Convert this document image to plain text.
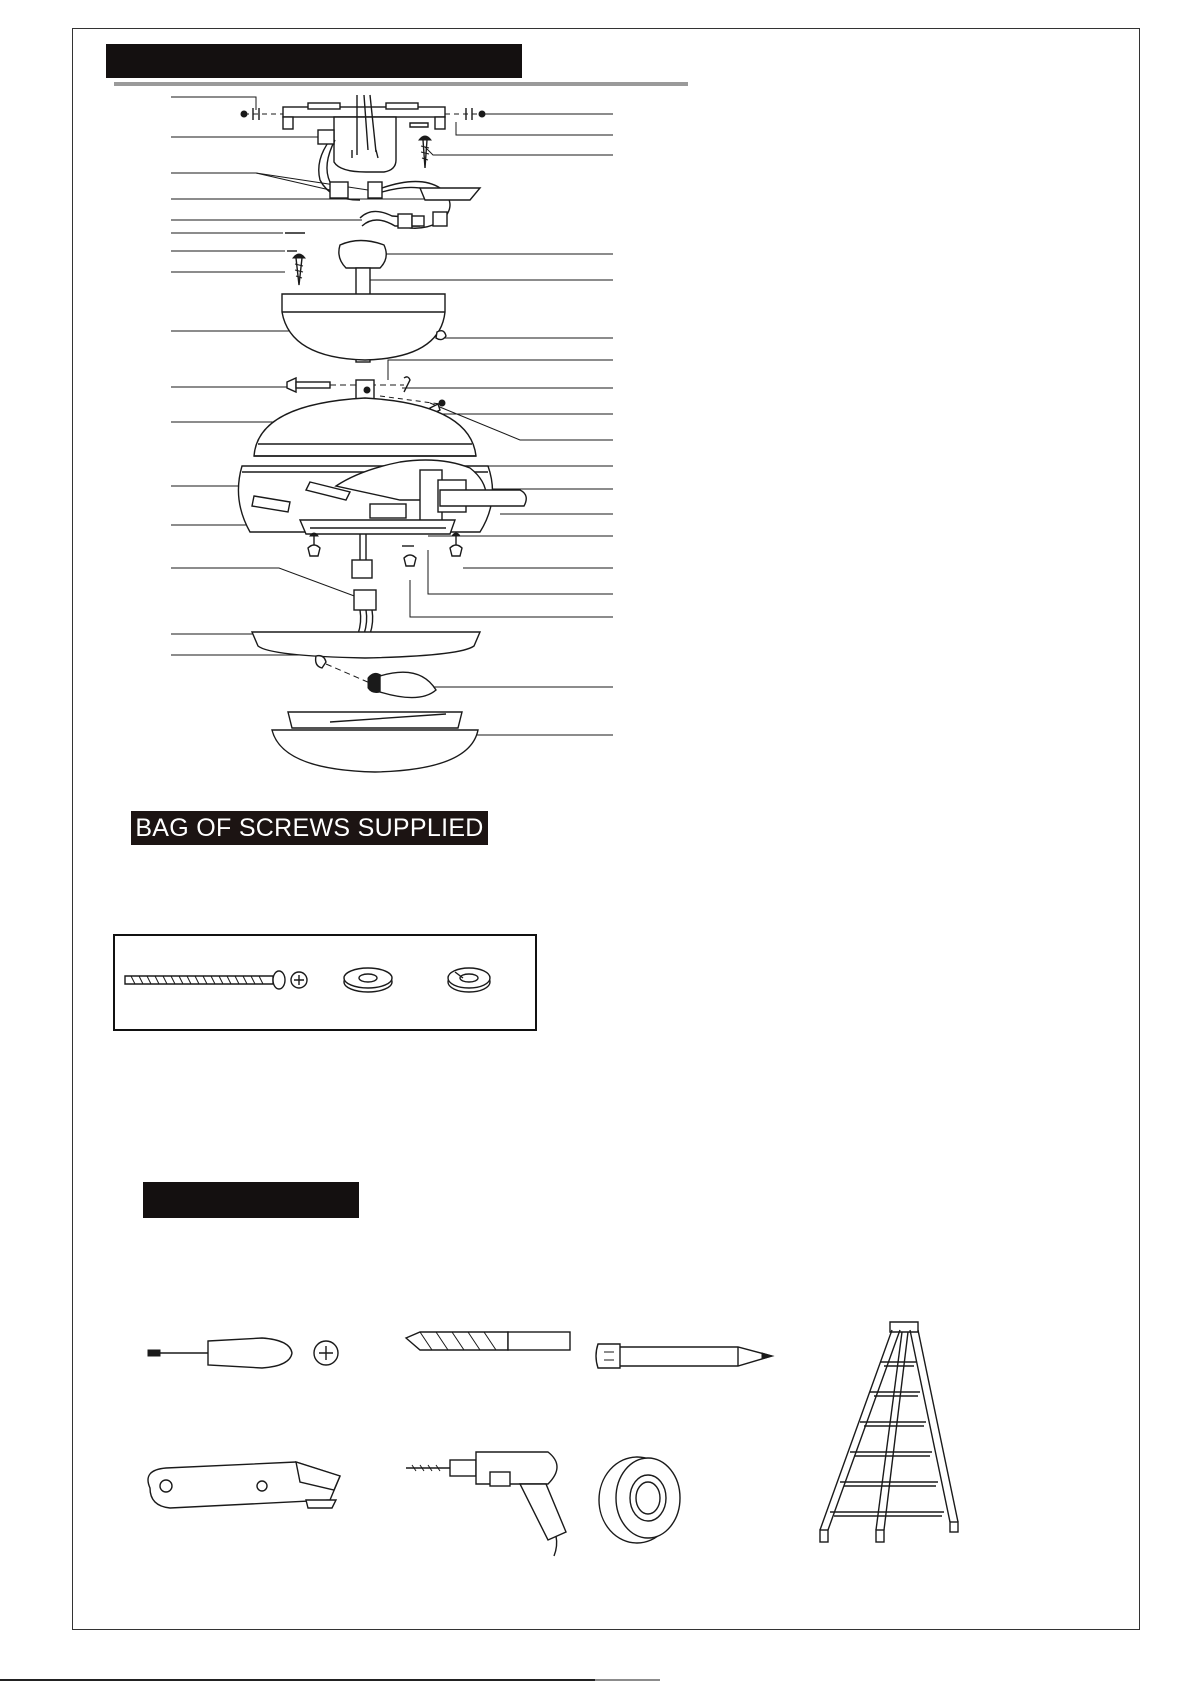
BAG OF SCREWS SUPPLIED
